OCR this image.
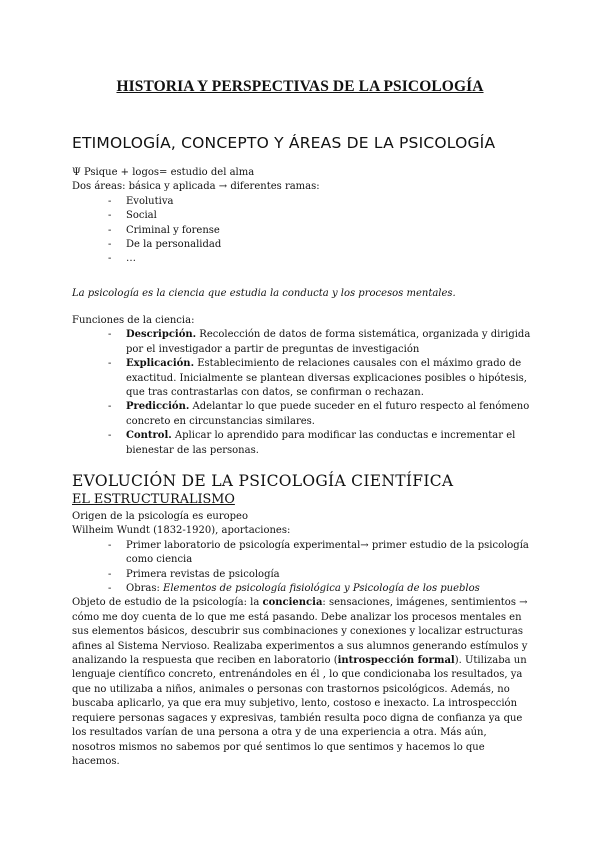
HISTORIA Y PERSPECTIVAS DE LA PSICOLOGÍA
ETIMOLOGÍA, CONCEPTO Y ÁREAS DE LA PSICOLOGÍA

Ψ Psique + logos= estudio del alma

Dos áreas: básica y aplicada → diferentes ramas:

- Evolutiva
- Social
- Criminal y forense
- De la personalidad
- …
La psicología es la ciencia que estudia la conducta y los procesos mentales.

Funciones de la ciencia:

- Descripción. Recolección de datos de forma sistemática, organizada y dirigida por el investigador a partir de preguntas de investigación
- Explicación. Establecimiento de relaciones causales con el máximo grado de exactitud. Inicialmente se plantean diversas explicaciones posibles o hipótesis, que tras contrastarlas con datos, se confirman o rechazan.
- Predicción. Adelantar lo que puede suceder en el futuro respecto al fenómeno concreto en circunstancias similares.
- Control. Aplicar lo aprendido para modificar las conductas e incrementar el bienestar de las personas.
EVOLUCIÓN DE LA PSICOLOGÍA CIENTÍFICA
EL ESTRUCTURALISMO

Origen de la psicología es europeo

Wilheim Wundt (1832-1920), aportaciones:

- Primer laboratorio de psicología experimental→ primer estudio de la psicología como ciencia
- Primera revistas de psicología
- Obras: Elementos de psicología fisiológica y Psicología de los pueblos

Objeto de estudio de la psicología: la conciencia: sensaciones, imágenes, sentimientos → cómo me doy cuenta de lo que me está pasando. Debe analizar los procesos mentales en sus elementos básicos, descubrir sus combinaciones y conexiones y localizar estructuras afines al Sistema Nervioso. Realizaba experimentos a sus alumnos generando estímulos y analizando la respuesta que reciben en laboratorio (introspección formal). Utilizaba un lenguaje científico concreto, entrenándoles en él , lo que condicionaba los resultados, ya que no utilizaba a niños, animales o personas con trastornos psicológicos. Además, no buscaba aplicarlo, ya que era muy subjetivo, lento, costoso e inexacto. La introspección requiere personas sagaces y expresivas, también resulta poco digna de confianza ya que los resultados varían de una persona a otra y de una experiencia a otra. Más aún, nosotros mismos no sabemos por qué sentimos lo que sentimos y hacemos lo que hacemos.
